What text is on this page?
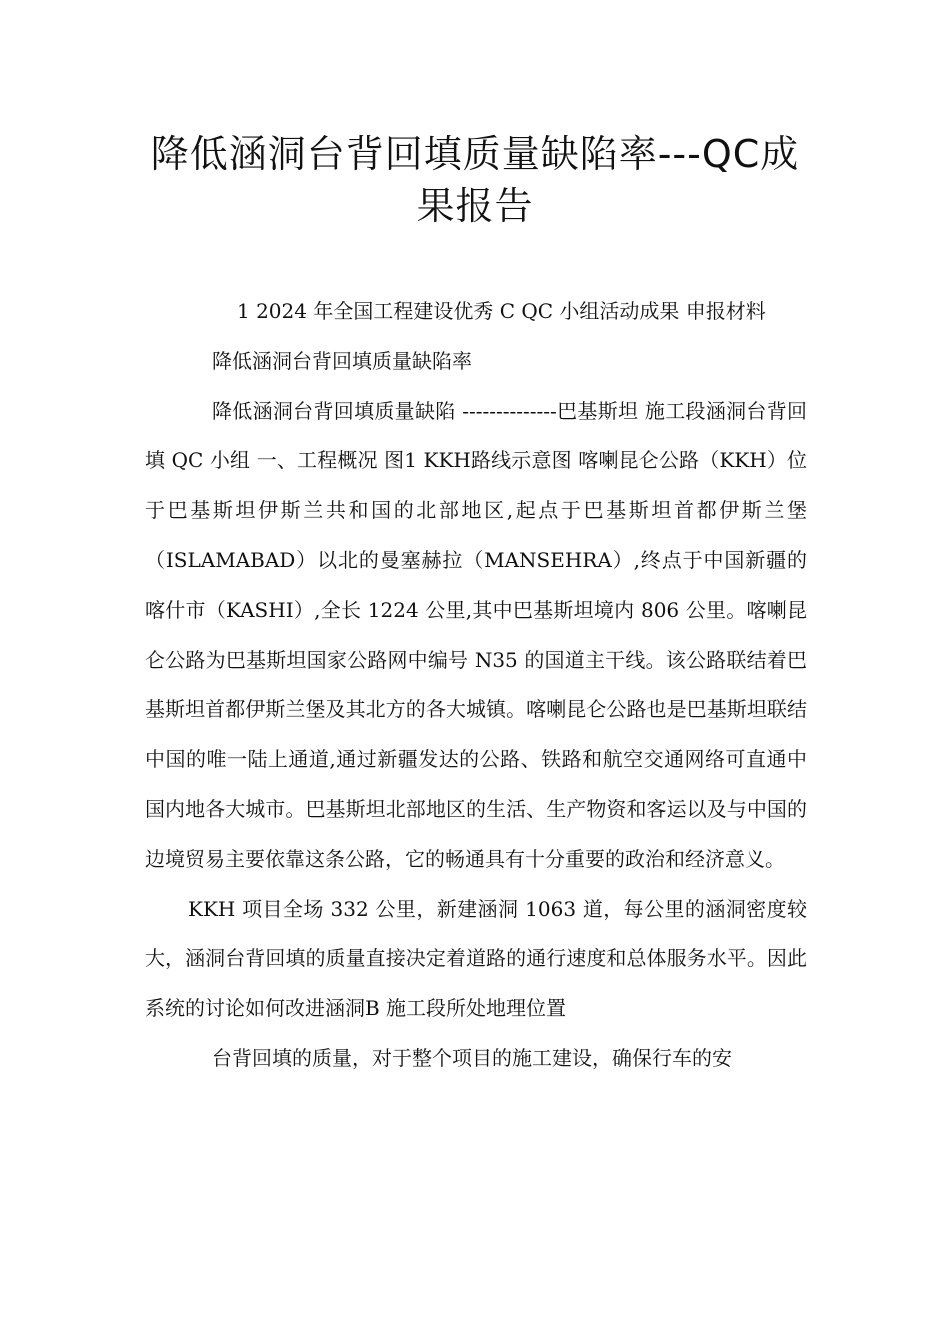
降低涵洞台背回填质量缺陷率---QC成果报告

1 2024 年全国工程建设优秀 C QC 小组活动成果 申报材料

降低涵洞台背回填质量缺陷率

降低涵洞台背回填质量缺陷 --------------巴基斯坦 施工段涵洞台背回填 QC 小组 一、工程概况 图1 KKH路线示意图 喀喇昆仑公路（KKH）位于巴基斯坦伊斯兰共和国的北部地区,起点于巴基斯坦首都伊斯兰堡（ISLAMABAD）以北的曼塞赫拉（MANSEHRA）,终点于中国新疆的喀什市（KASHI）,全长 1224 公里,其中巴基斯坦境内 806 公里。喀喇昆仑公路为巴基斯坦国家公路网中编号 N35 的国道主干线。该公路联结着巴基斯坦首都伊斯兰堡及其北方的各大城镇。喀喇昆仑公路也是巴基斯坦联结中国的唯一陆上通道,通过新疆发达的公路、铁路和航空交通网络可直通中国内地各大城市。巴基斯坦北部地区的生活、生产物资和客运以及与中国的边境贸易主要依靠这条公路，它的畅通具有十分重要的政治和经济意义。

KKH 项目全场 332 公里，新建涵洞 1063 道，每公里的涵洞密度较大，涵洞台背回填的质量直接决定着道路的通行速度和总体服务水平。因此系统的讨论如何改进涵洞B 施工段所处地理位置

台背回填的质量，对于整个项目的施工建设，确保行车的安
